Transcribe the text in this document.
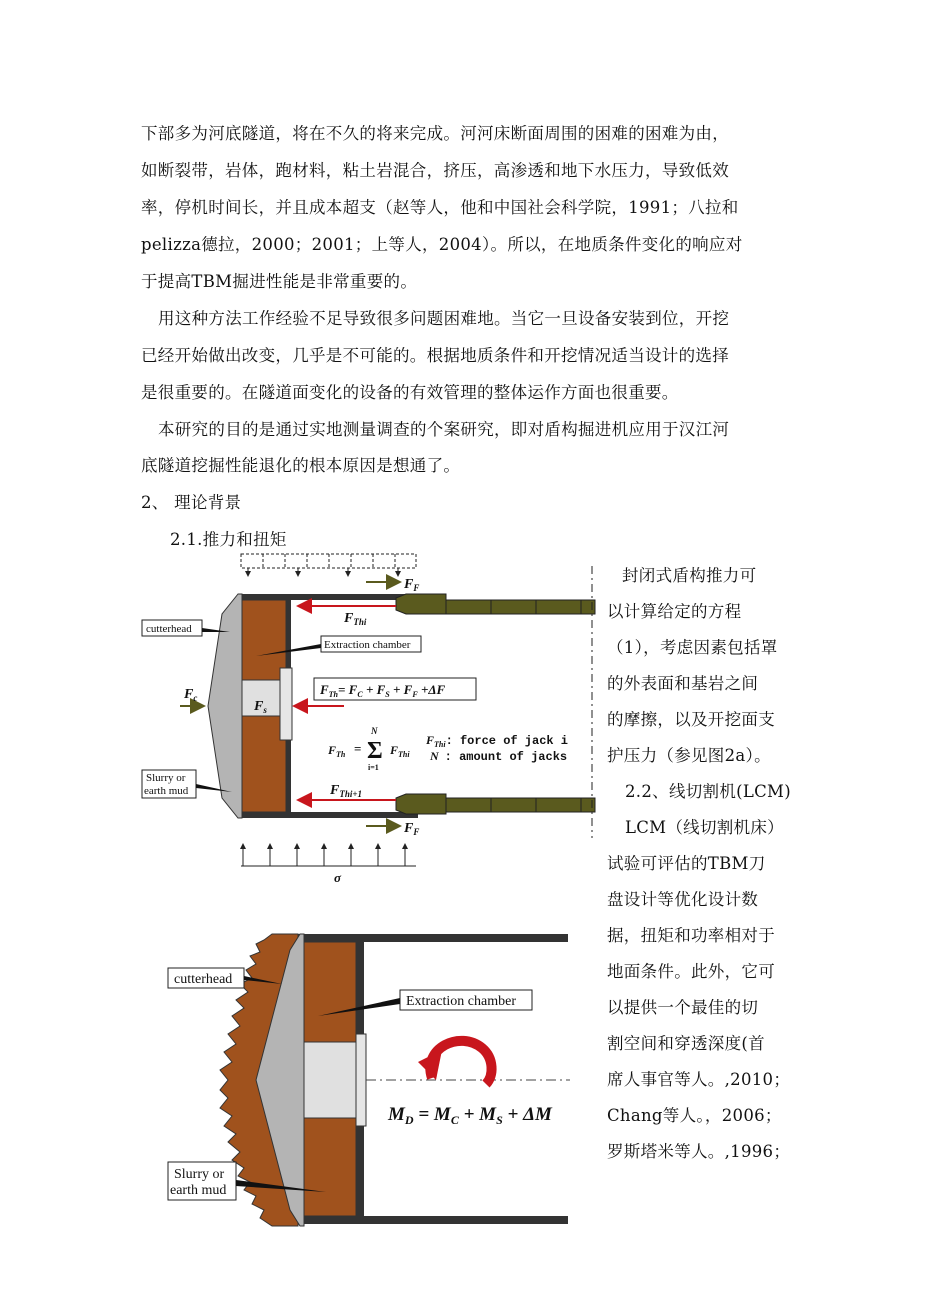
下部多为河底隧道，将在不久的将来完成。河河床断面周围的困难的困难为由，
如断裂带，岩体，跑材料，粘土岩混合，挤压，高渗透和地下水压力，导致低效
率，停机时间长，并且成本超支（赵等人，他和中国社会科学院，1991；八拉和
pelizza德拉，2000；2001；上等人，2004）。所以，在地质条件变化的响应对
于提高TBM掘进性能是非常重要的。
用这种方法工作经验不足导致很多问题困难地。当它一旦设备安装到位，开挖
已经开始做出改变，几乎是不可能的。根据地质条件和开挖情况适当设计的选择
是很重要的。在隧道面变化的设备的有效管理的整体运作方面也很重要。
本研究的目的是通过实地测量调查的个案研究，即对盾构掘进机应用于汉江河
底隧道挖掘性能退化的根本原因是想通了。
2、 理论背景
2.1.推力和扭矩
封闭式盾构推力可
以计算给定的方程
（1），考虑因素包括罩
的外表面和基岩之间
的摩擦，以及开挖面支
护压力（参见图2a）。
2.2、线切割机(LCM)
LCM（线切割机床）
试验可评估的TBM刀
盘设计等优化设计数
据，扭矩和功率相对于
地面条件。此外，它可
以提供一个最佳的切
割空间和穿透深度(首
席人事官等人。,2010；
Chang等人。，2006；
罗斯塔米等人。,1996；
$F_F$
$F_{Thi}$
$F_c$
$F_s$
$F_{Thi+1}$
$F_F$
$F_{Th}= F_C + F_S + F_F +\Delta F$
$F_{Th} = \Sigma$
N
i=1
$F_{Thi}$
$F_{Thi}$: force of jack i
N : amount of jacks
cutterhead
Extraction chamber
Slurry or
earth mud
σ
$M_D = M_C + M_S + \Delta M$
cutterhead
Extraction chamber
Slurry or
earth mud
